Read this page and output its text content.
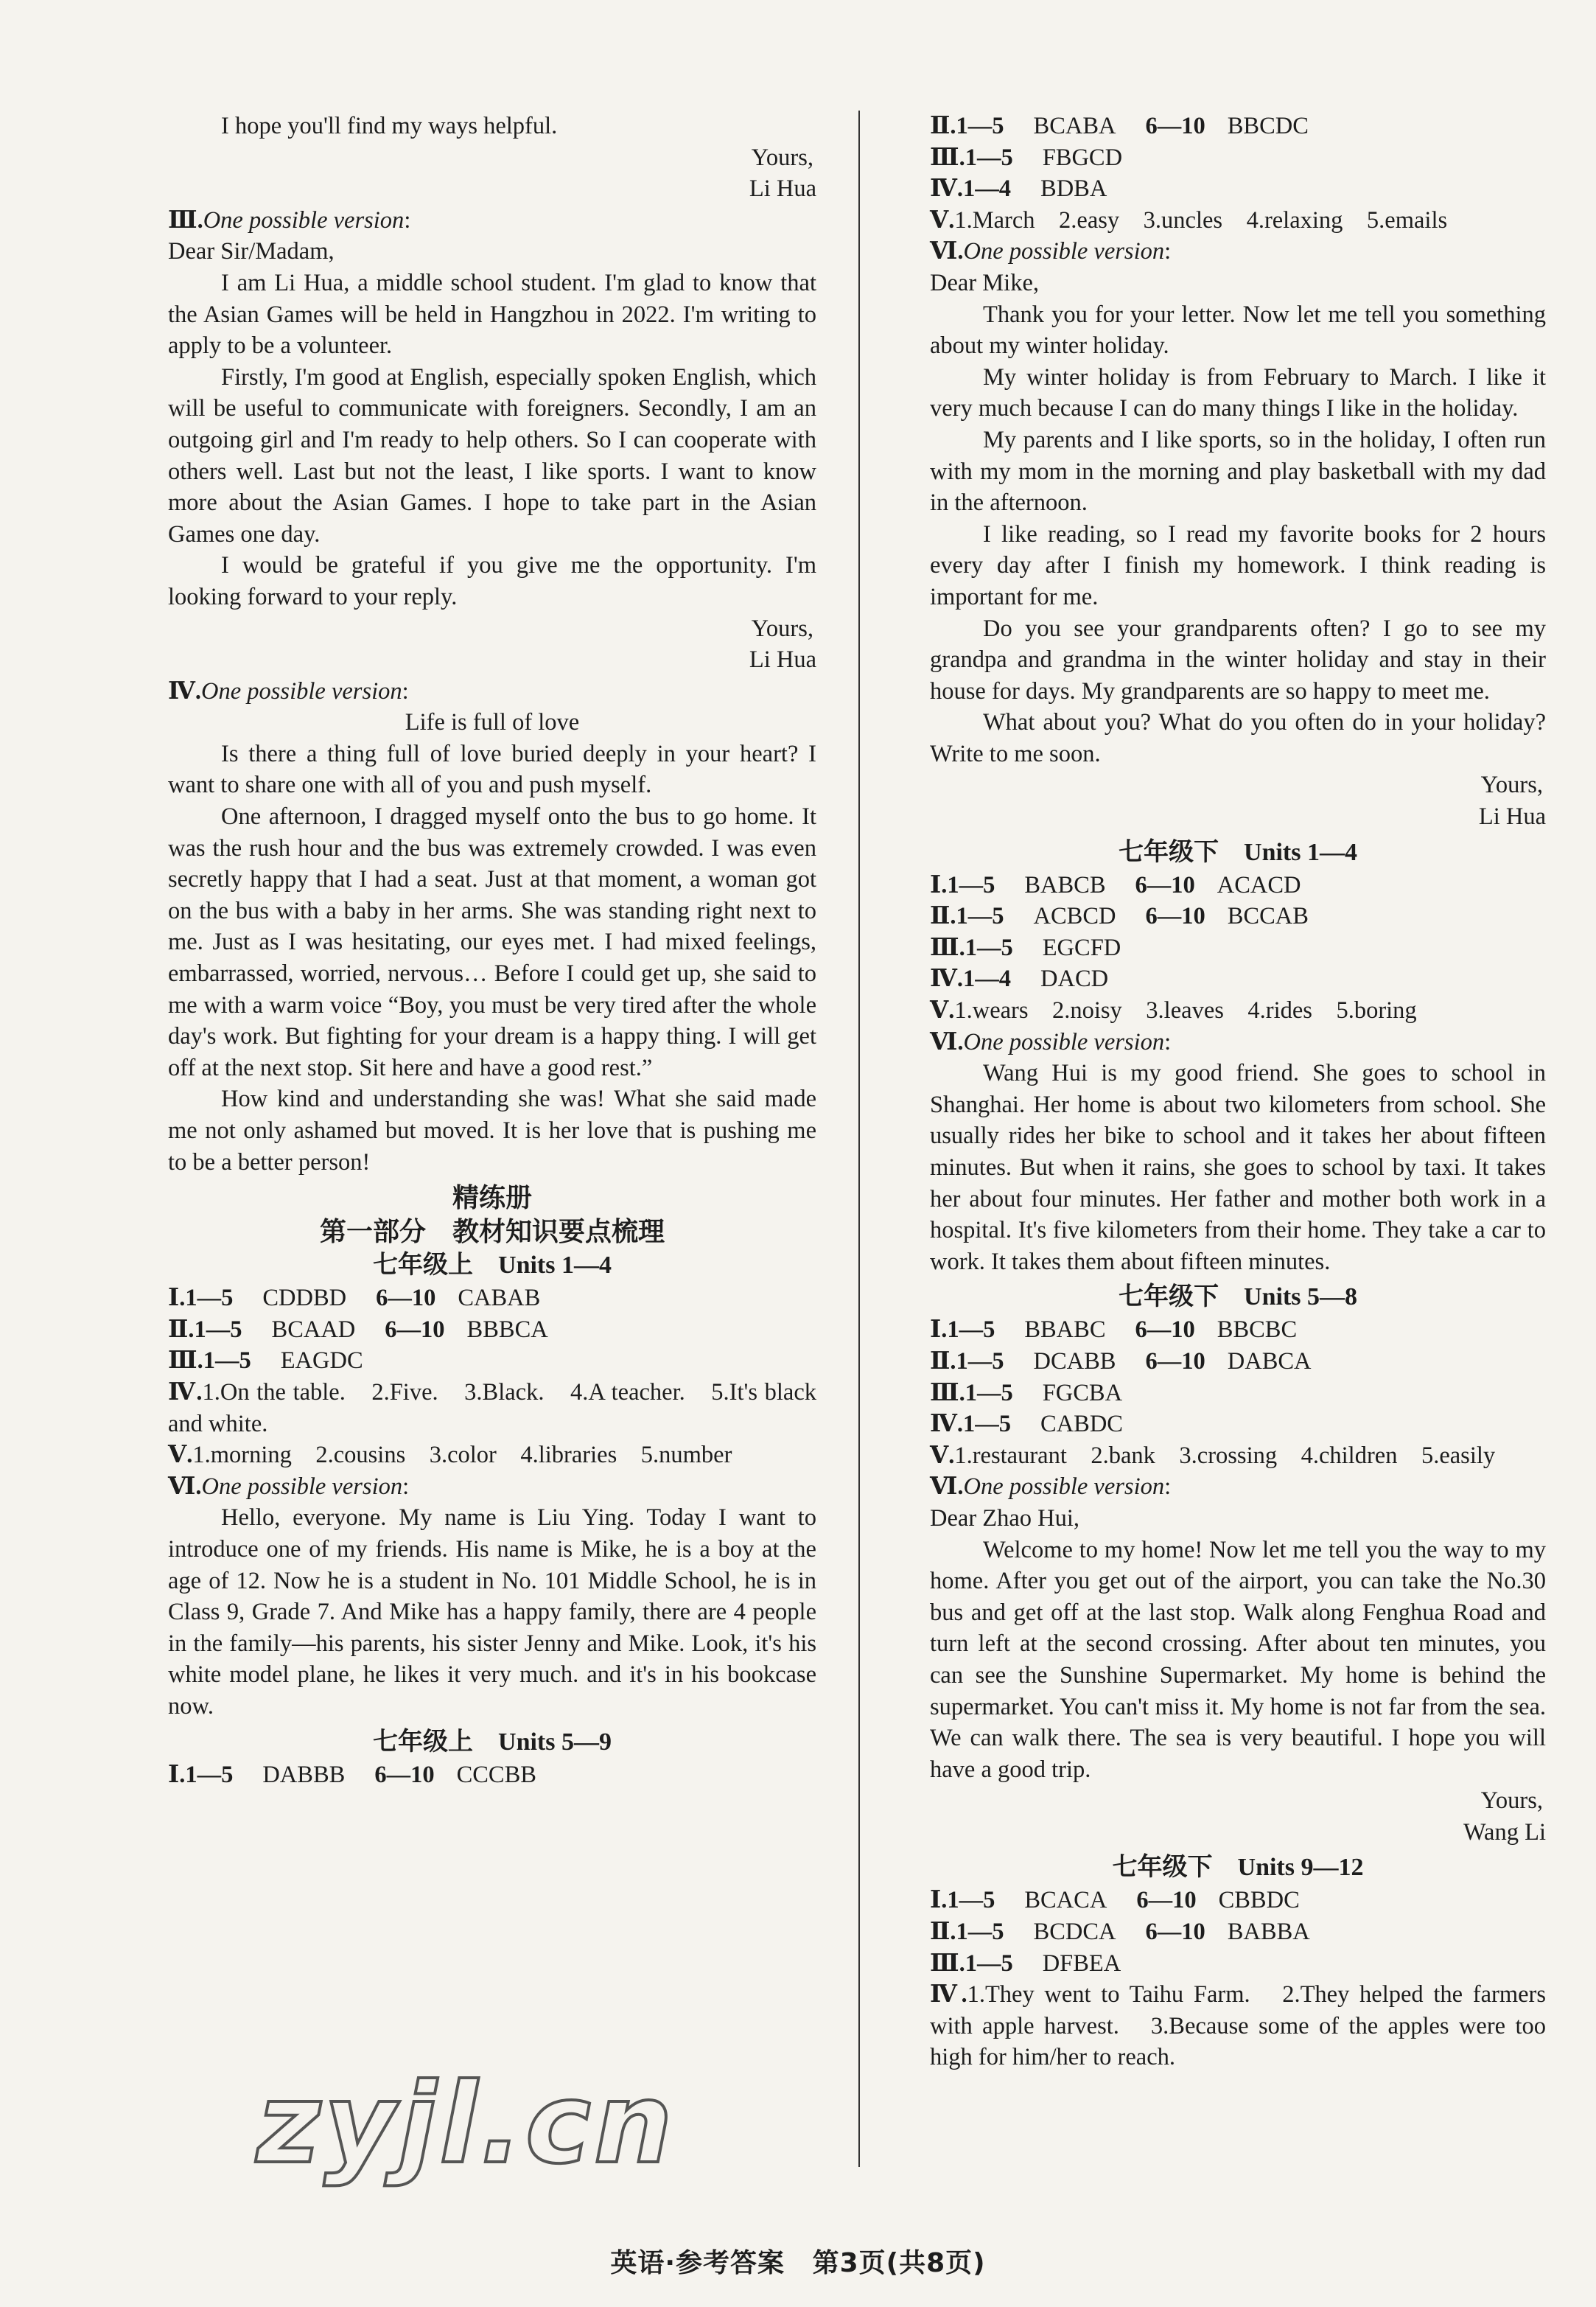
I hope you'll find my ways helpful.

Yours,

Li Hua

Ⅲ.One possible version:

Dear Sir/Madam,

I am Li Hua, a middle school student. I'm glad to know that the Asian Games will be held in Hangzhou in 2022. I'm writing to apply to be a volunteer.

Firstly, I'm good at English, especially spoken English, which will be useful to communicate with foreigners. Secondly, I am an outgoing girl and I'm ready to help others. So I can cooperate with others well. Last but not the least, I like sports. I want to know more about the Asian Games. I hope to take part in the Asian Games one day.

I would be grateful if you give me the opportunity. I'm looking forward to your reply.

Yours,

Li Hua

Ⅳ.One possible version:

Life is full of love

Is there a thing full of love buried deeply in your heart? I want to share one with all of you and push myself.

One afternoon, I dragged myself onto the bus to go home. It was the rush hour and the bus was extremely crowded. I was even secretly happy that I had a seat. Just at that moment, a woman got on the bus with a baby in her arms. She was standing right next to me. Just as I was hesitating, our eyes met. I had mixed feelings, embarrassed, worried, nervous… Before I could get up, she said to me with a warm voice “Boy, you must be very tired after the whole day's work. But fighting for your dream is a happy thing. I will get off at the next stop. Sit here and have a good rest.”

How kind and understanding she was! What she said made me not only ashamed but moved. It is her love that is pushing me to be a better person!

精练册

第一部分　教材知识要点梳理

七年级上　Units 1—4

Ⅰ.1—5 CDDBD 6—10 CABAB

Ⅱ.1—5 BCAAD 6—10 BBBCA

Ⅲ.1—5 EAGDC

Ⅳ.1.On the table.　2.Five.　3.Black.　4.A teacher.　5.It's black and white.

Ⅴ.1.morning　2.cousins　3.color　4.libraries　5.number

Ⅵ.One possible version:

Hello, everyone. My name is Liu Ying. Today I want to introduce one of my friends. His name is Mike, he is a boy at the age of 12. Now he is a student in No. 101 Middle School, he is in Class 9, Grade 7. And Mike has a happy family, there are 4 people in the family—his parents, his sister Jenny and Mike. Look, it's his white model plane, he likes it very much. and it's in his bookcase now.

七年级上　Units 5—9

Ⅰ.1—5 DABBB 6—10 CCCBB

Ⅱ.1—5 BCABA 6—10 BBCDC

Ⅲ.1—5 FBGCD

Ⅳ.1—4 BDBA

Ⅴ.1.March　2.easy　3.uncles　4.relaxing　5.emails

Ⅵ.One possible version:

Dear Mike,

Thank you for your letter. Now let me tell you something about my winter holiday.

My winter holiday is from February to March. I like it very much because I can do many things I like in the holiday.

My parents and I like sports, so in the holiday, I often run with my mom in the morning and play basketball with my dad in the afternoon.

I like reading, so I read my favorite books for 2 hours every day after I finish my homework. I think reading is important for me.

Do you see your grandparents often? I go to see my grandpa and grandma in the winter holiday and stay in their house for days. My grandparents are so happy to meet me.

What about you? What do you often do in your holiday? Write to me soon.

Yours,

Li Hua

七年级下　Units 1—4

Ⅰ.1—5 BABCB 6—10 ACACD

Ⅱ.1—5 ACBCD 6—10 BCCAB

Ⅲ.1—5 EGCFD

Ⅳ.1—4 DACD

Ⅴ.1.wears　2.noisy　3.leaves　4.rides　5.boring

Ⅵ.One possible version:

Wang Hui is my good friend. She goes to school in Shanghai. Her home is about two kilometers from school. She usually rides her bike to school and it takes her about fifteen minutes. But when it rains, she goes to school by taxi. It takes her about four minutes. Her father and mother both work in a hospital. It's five kilometers from their home. They take a car to work. It takes them about fifteen minutes.

七年级下　Units 5—8

Ⅰ.1—5 BBABC 6—10 BBCBC

Ⅱ.1—5 DCABB 6—10 DABCA

Ⅲ.1—5 FGCBA

Ⅳ.1—5 CABDC

Ⅴ.1.restaurant　2.bank　3.crossing　4.children　5.easily

Ⅵ.One possible version:

Dear Zhao Hui,

Welcome to my home! Now let me tell you the way to my home. After you get out of the airport, you can take the No.30 bus and get off at the last stop. Walk along Fenghua Road and turn left at the second crossing. After about ten minutes, you can see the Sunshine Supermarket. My home is behind the supermarket. You can't miss it. My home is not far from the sea. We can walk there. The sea is very beautiful. I hope you will have a good trip.

Yours,

Wang Li

七年级下　Units 9—12

Ⅰ.1—5 BCACA 6—10 CBBDC

Ⅱ.1—5 BCDCA 6—10 BABBA

Ⅲ.1—5 DFBEA

Ⅳ.1.They went to Taihu Farm.　2.They helped the farmers with apple harvest.　3.Because some of the apples were too high for him/her to reach.

zyjl.cn
英语·参考答案 第3页(共8页)
